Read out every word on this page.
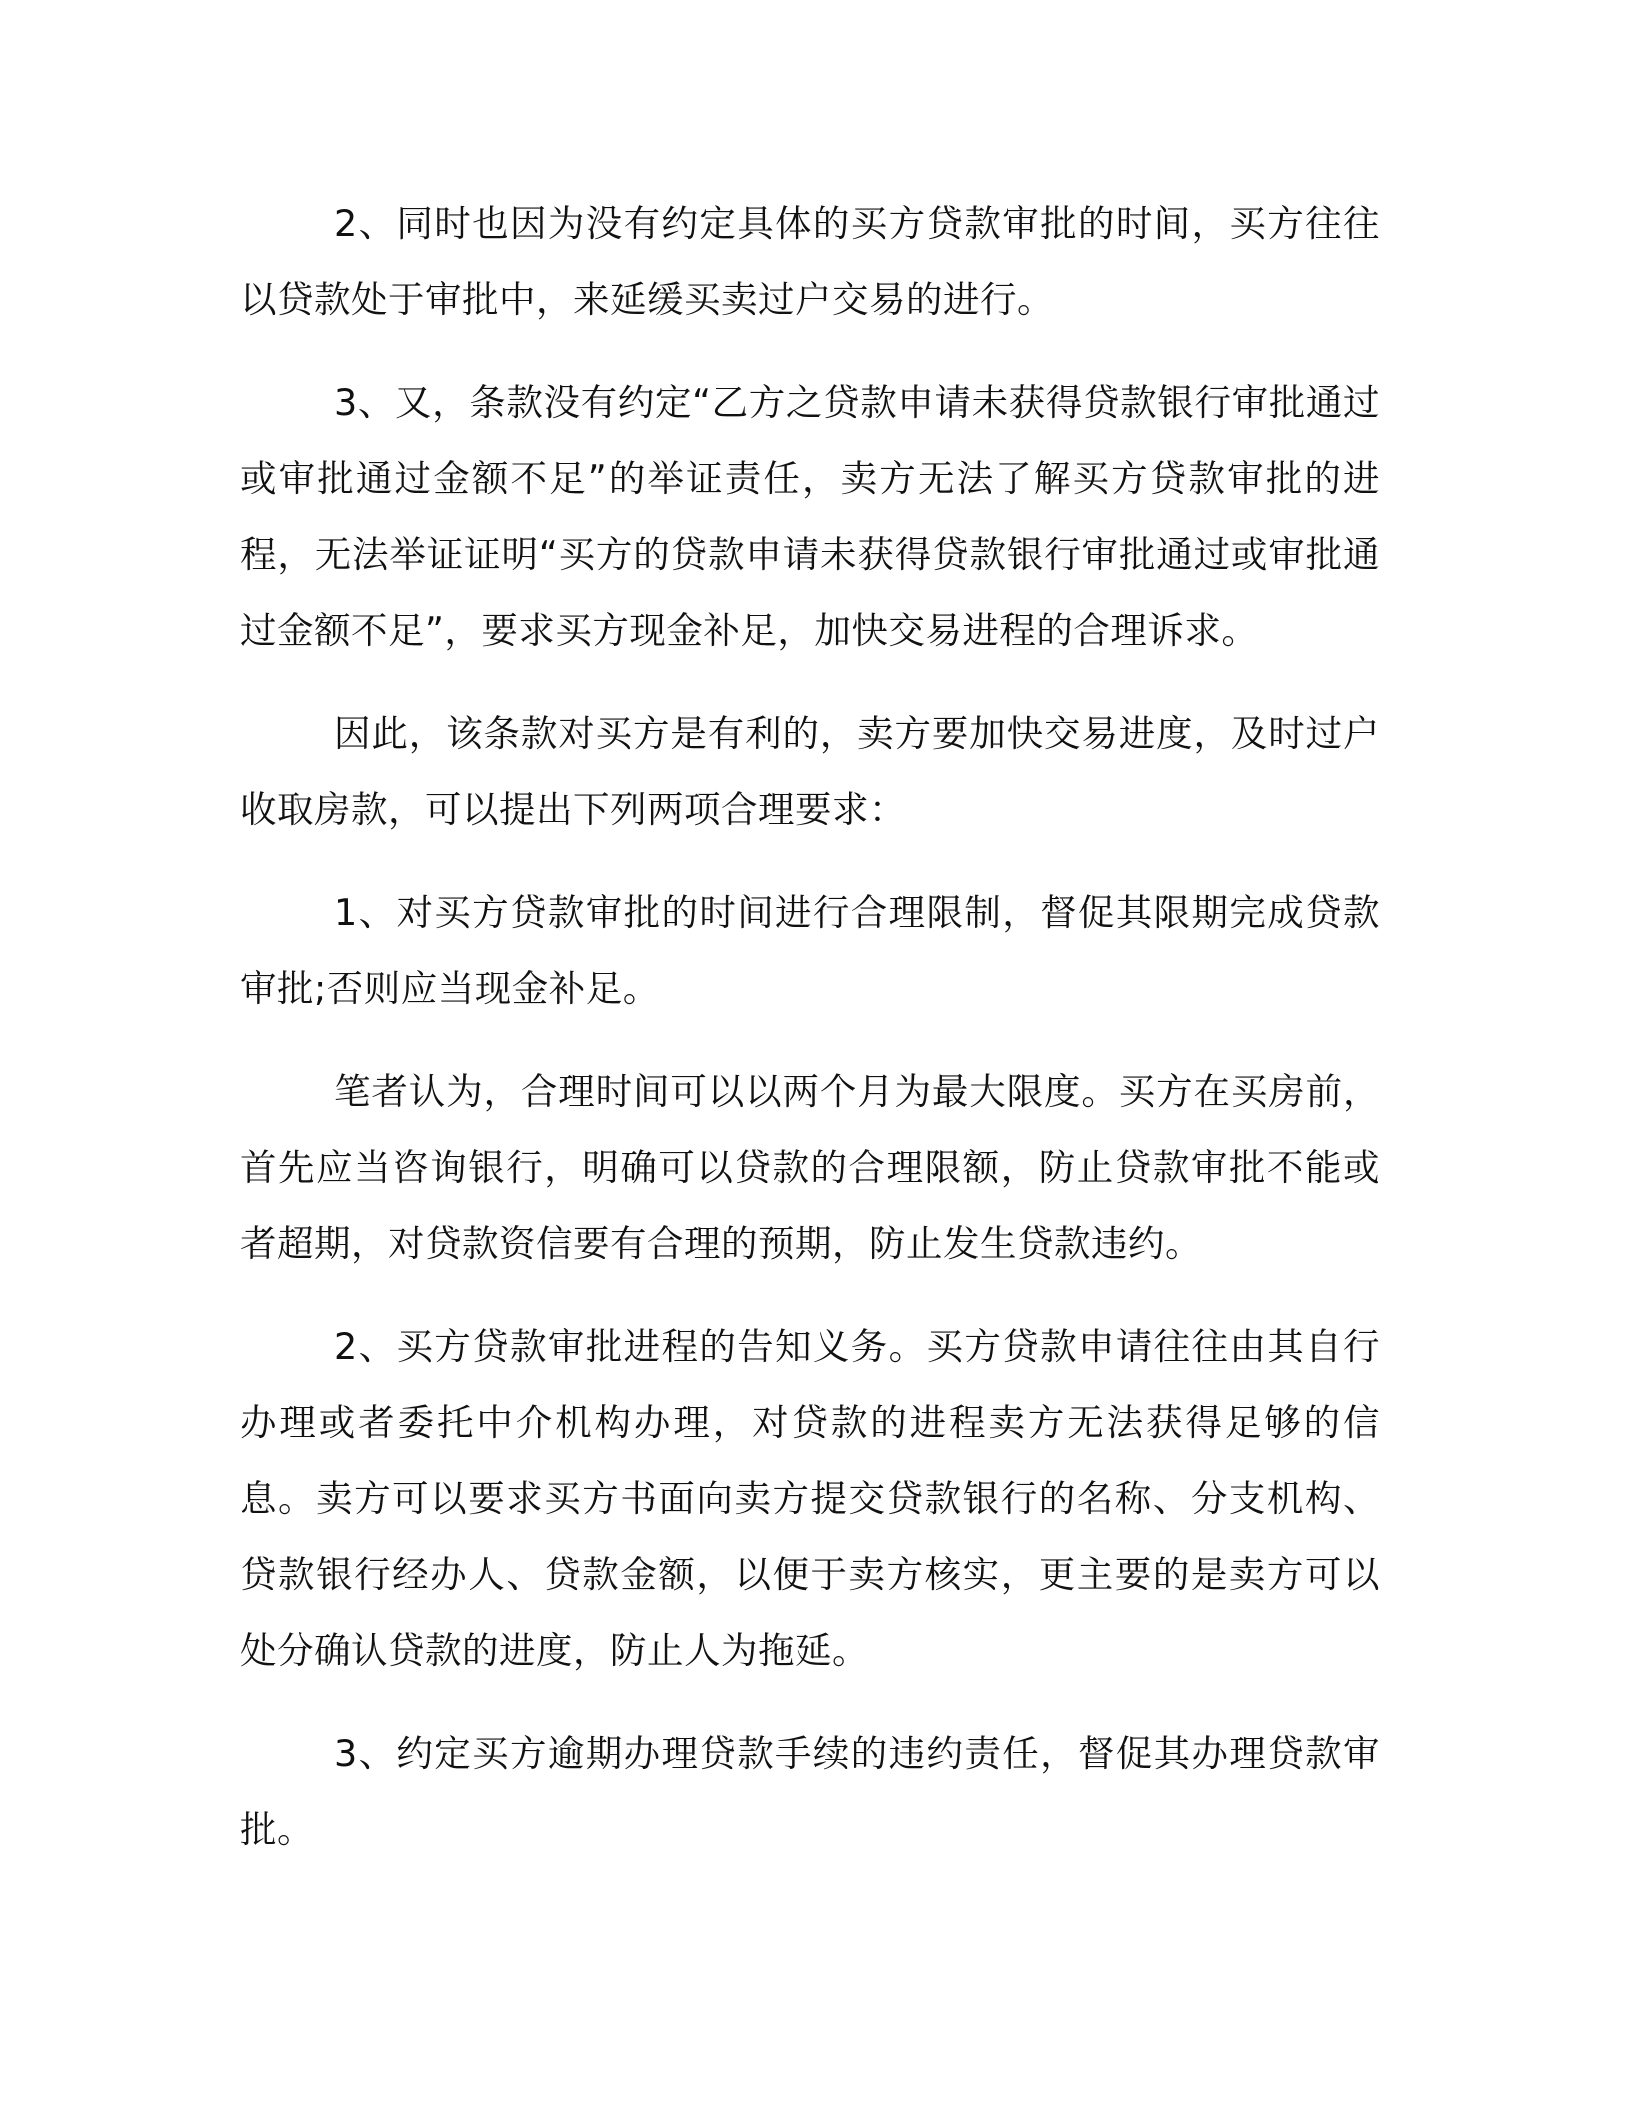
2、同时也因为没有约定具体的买方贷款审批的时间，买方往往以贷款处于审批中，来延缓买卖过户交易的进行。

3、又，条款没有约定“乙方之贷款申请未获得贷款银行审批通过或审批通过金额不足”的举证责任，卖方无法了解买方贷款审批的进程，无法举证证明“买方的贷款申请未获得贷款银行审批通过或审批通过金额不足”，要求买方现金补足，加快交易进程的合理诉求。

因此，该条款对买方是有利的，卖方要加快交易进度，及时过户收取房款，可以提出下列两项合理要求：

1、对买方贷款审批的时间进行合理限制，督促其限期完成贷款审批;否则应当现金补足。

笔者认为，合理时间可以以两个月为最大限度。买方在买房前，首先应当咨询银行，明确可以贷款的合理限额，防止贷款审批不能或者超期，对贷款资信要有合理的预期，防止发生贷款违约。

2、买方贷款审批进程的告知义务。买方贷款申请往往由其自行办理或者委托中介机构办理，对贷款的进程卖方无法获得足够的信息。卖方可以要求买方书面向卖方提交贷款银行的名称、分支机构、贷款银行经办人、贷款金额，以便于卖方核实，更主要的是卖方可以处分确认贷款的进度，防止人为拖延。

3、约定买方逾期办理贷款手续的违约责任，督促其办理贷款审批。
